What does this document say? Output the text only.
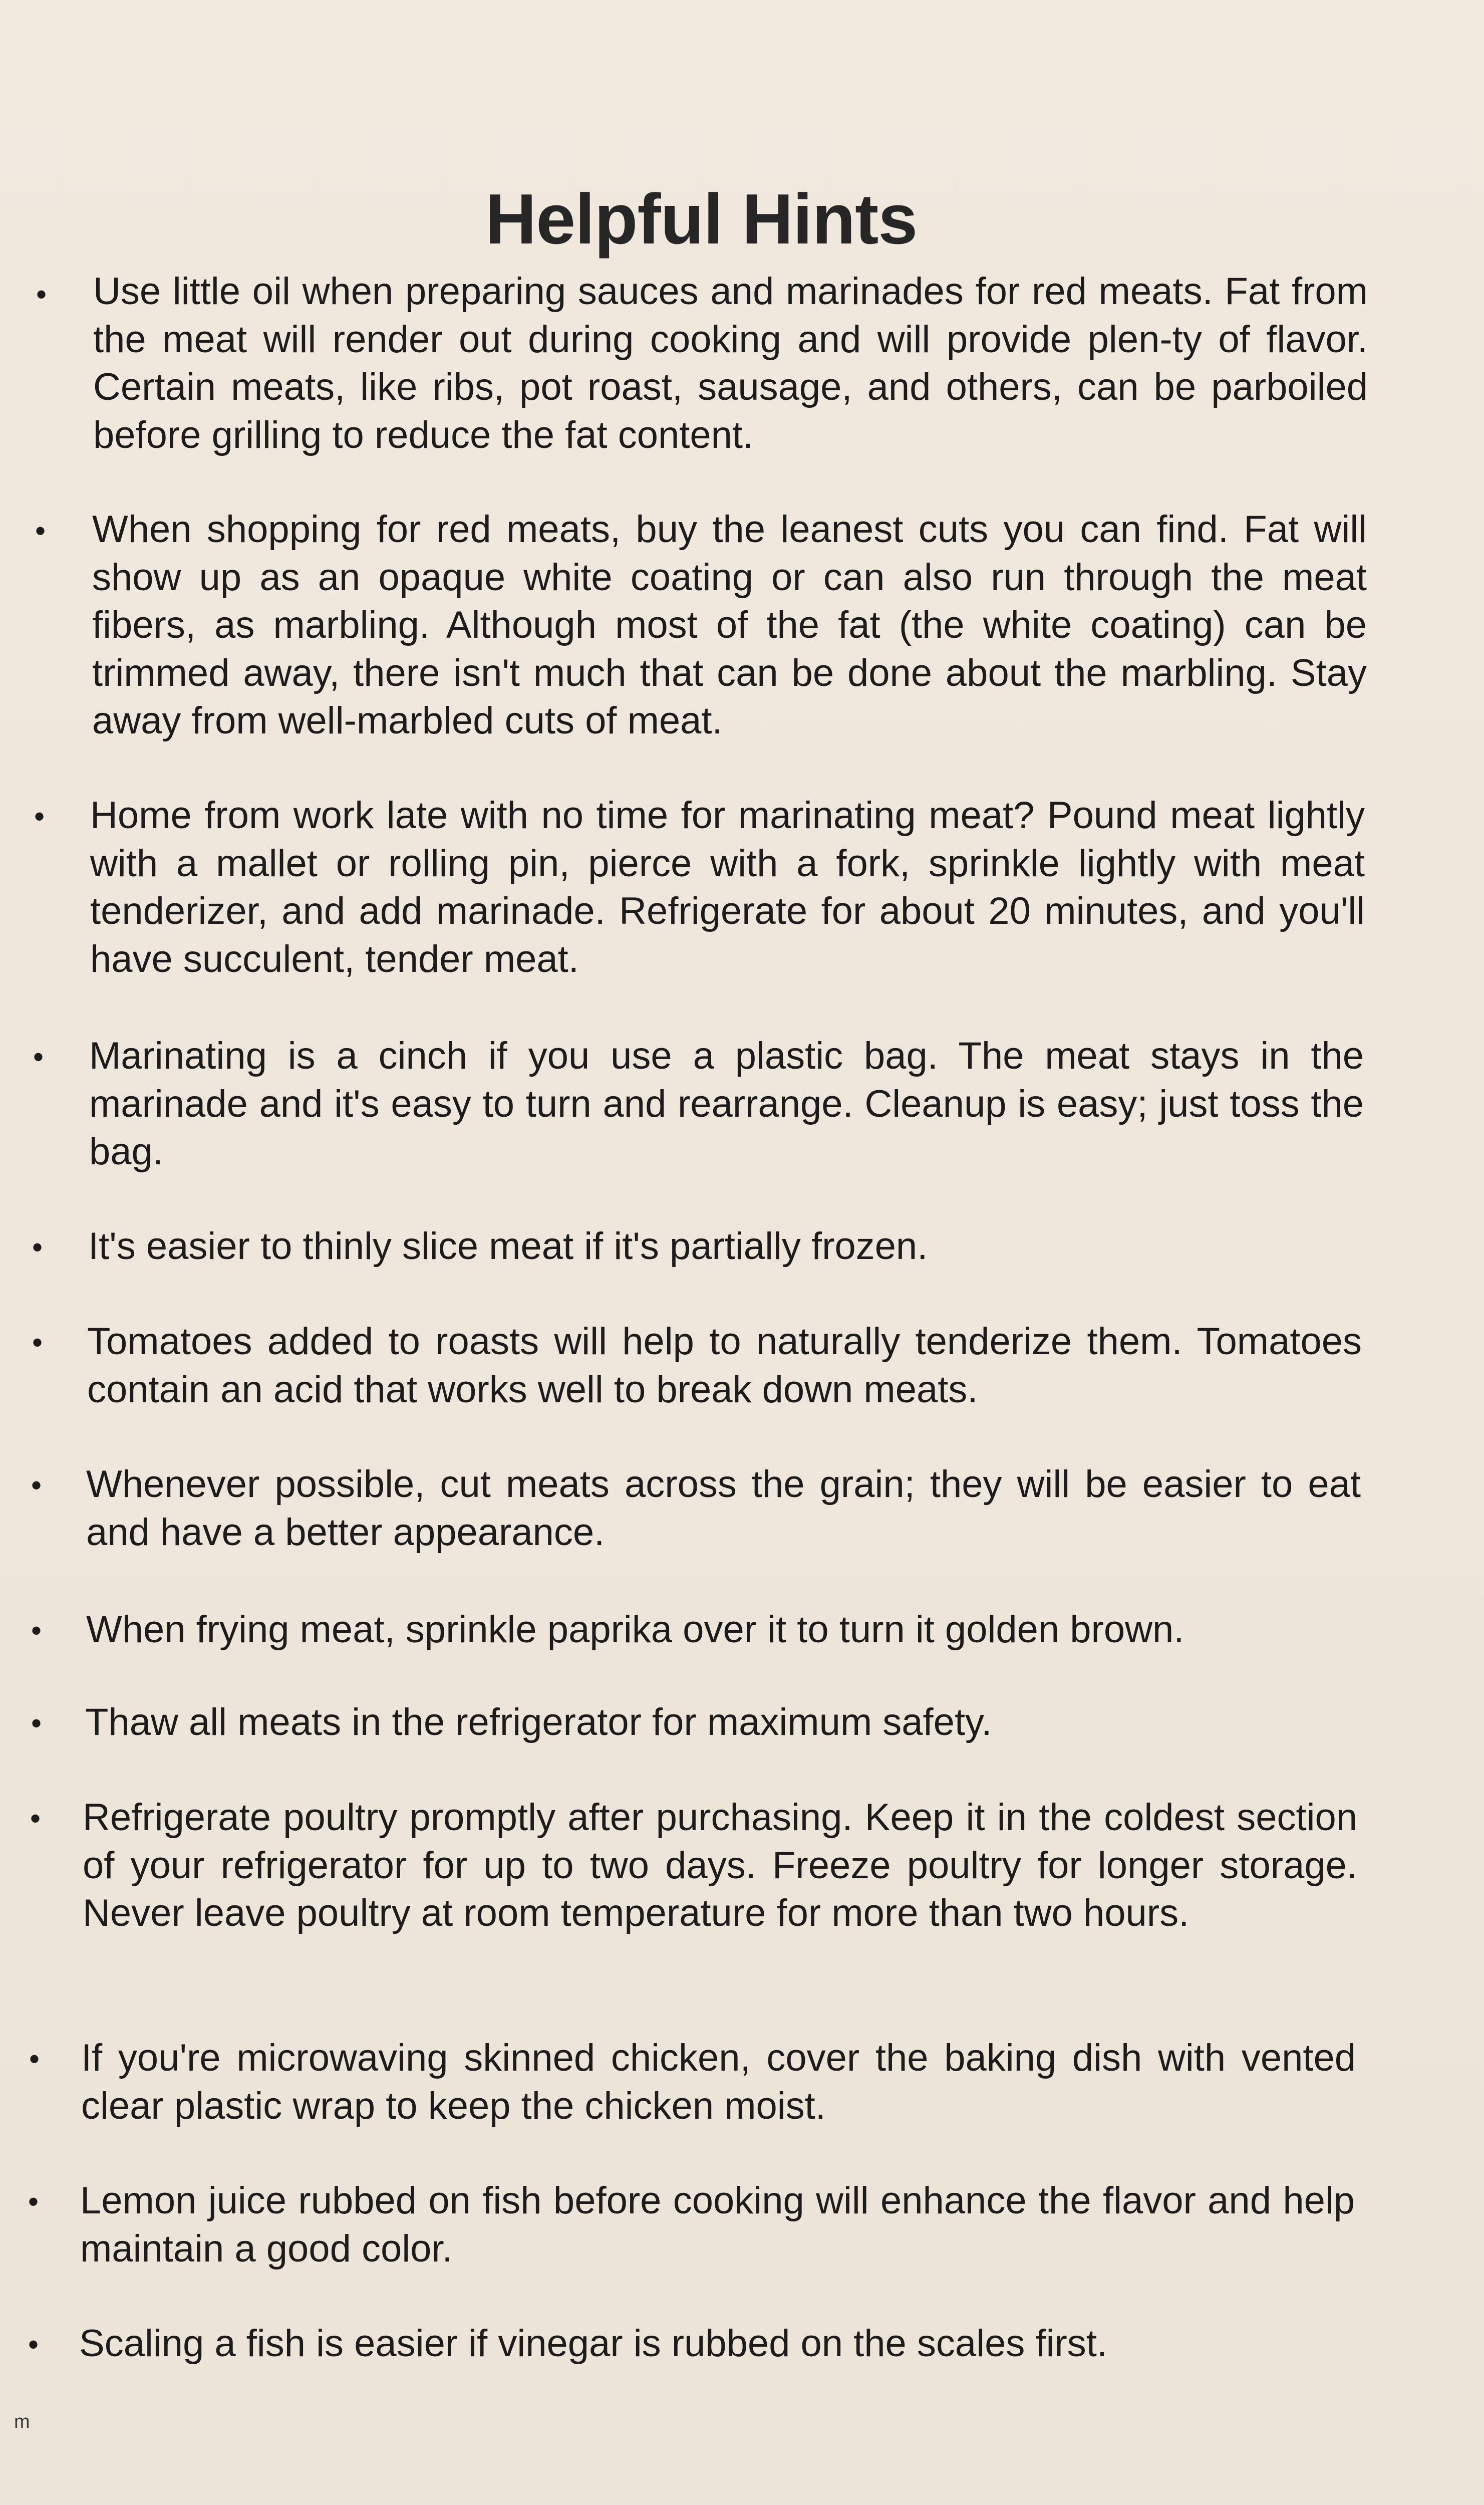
Helpful Hints
• Use little oil when preparing sauces and marinades for red meats. Fat from the meat will render out during cooking and will provide plen-ty of flavor. Certain meats, like ribs, pot roast, sausage, and others, can be parboiled before grilling to reduce the fat content.

• When shopping for red meats, buy the leanest cuts you can find. Fat will show up as an opaque white coating or can also run through the meat fibers, as marbling. Although most of the fat (the white coating) can be trimmed away, there isn't much that can be done about the marbling. Stay away from well-marbled cuts of meat.

• Home from work late with no time for marinating meat? Pound meat lightly with a mallet or rolling pin, pierce with a fork, sprinkle lightly with meat tenderizer, and add marinade. Refrigerate for about 20 minutes, and you'll have succulent, tender meat.

• Marinating is a cinch if you use a plastic bag. The meat stays in the marinade and it's easy to turn and rearrange. Cleanup is easy; just toss the bag.

• It's easier to thinly slice meat if it's partially frozen.

• Tomatoes added to roasts will help to naturally tenderize them. Tomatoes contain an acid that works well to break down meats.

• Whenever possible, cut meats across the grain; they will be easier to eat and have a better appearance.

• When frying meat, sprinkle paprika over it to turn it golden brown.

• Thaw all meats in the refrigerator for maximum safety.

• Refrigerate poultry promptly after purchasing. Keep it in the coldest section of your refrigerator for up to two days. Freeze poultry for longer storage. Never leave poultry at room temperature for more than two hours.

• If you're microwaving skinned chicken, cover the baking dish with vented clear plastic wrap to keep the chicken moist.

• Lemon juice rubbed on fish before cooking will enhance the flavor and help maintain a good color.

• Scaling a fish is easier if vinegar is rubbed on the scales first.

m
